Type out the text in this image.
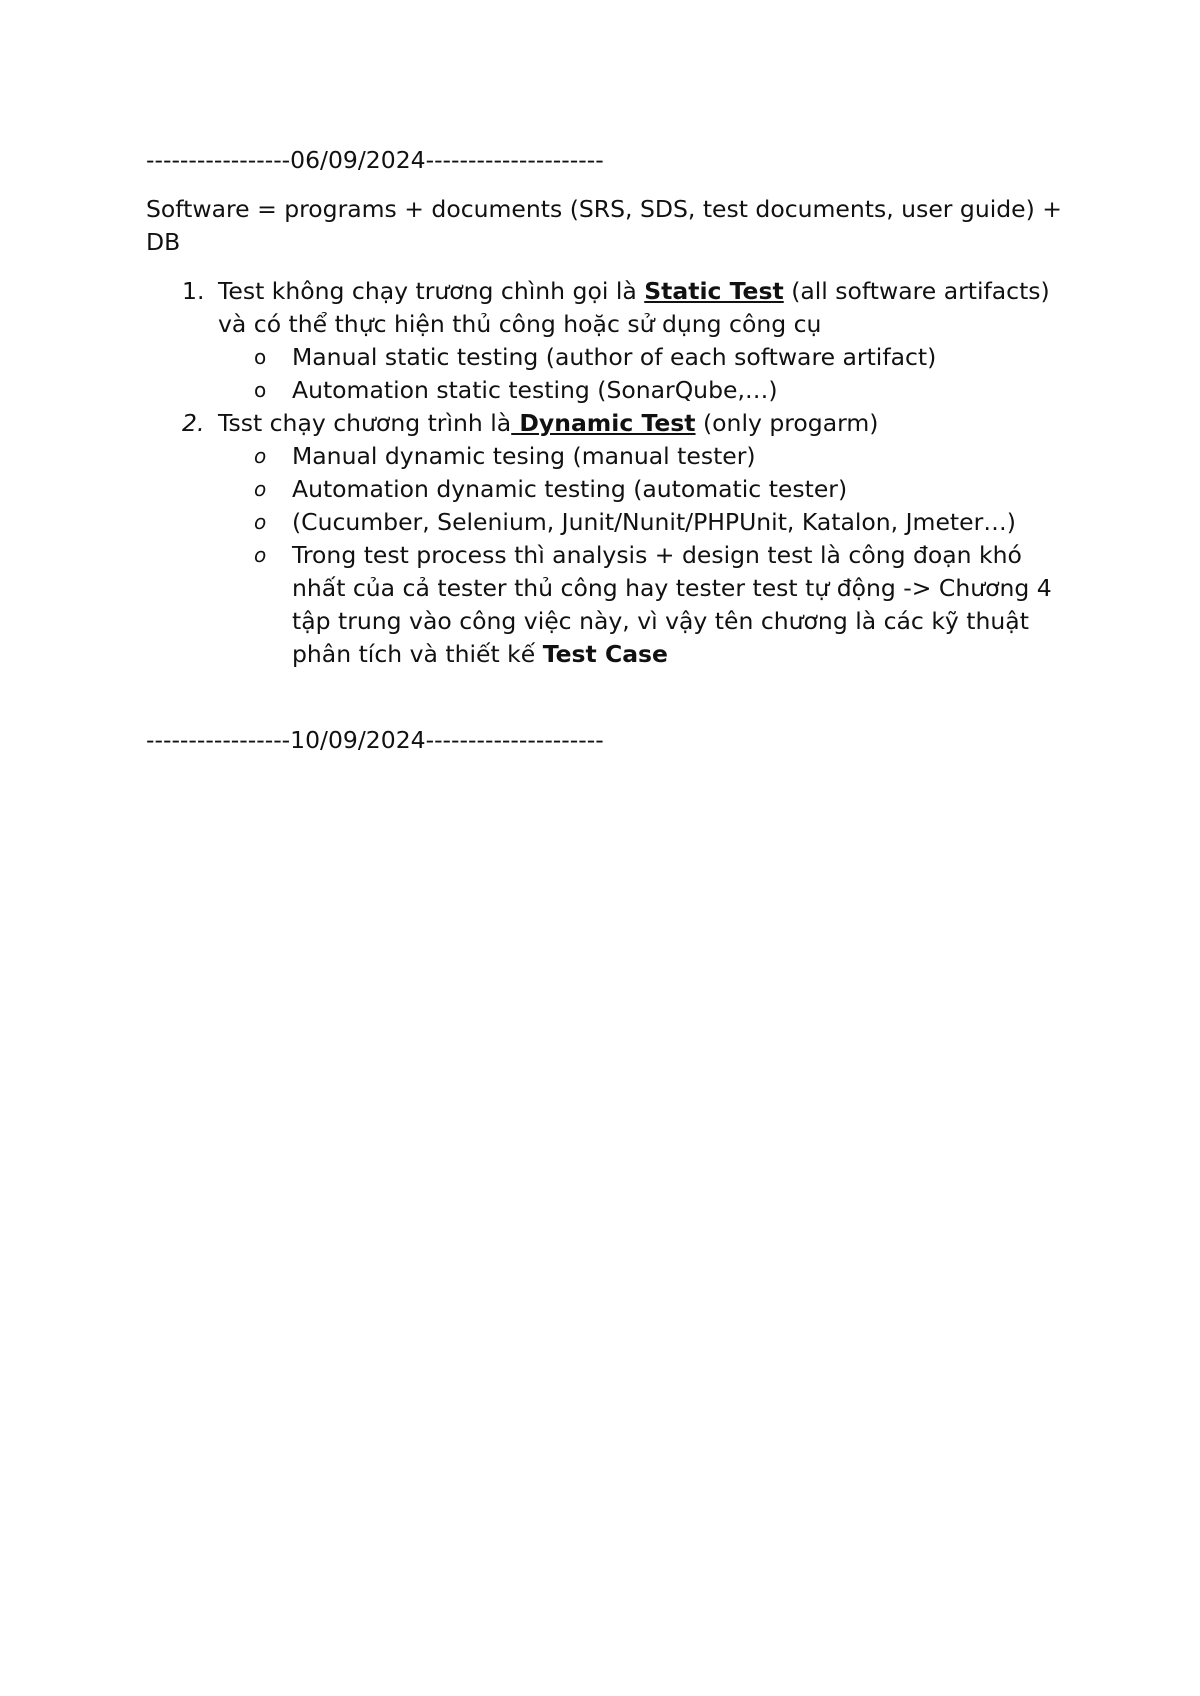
-----------------06/09/2024---------------------
Software = programs + documents (SRS, SDS, test documents, user guide) + DB
1. Test không chạy trương chình gọi là Static Test (all software artifacts) và có thể thực hiện thủ công hoặc sử dụng công cụ
o Manual static testing (author of each software artifact)
o Automation static testing (SonarQube,…)
2. Tsst chạy chương trình là Dynamic Test (only progarm)
o Manual dynamic tesing (manual tester)
o Automation dynamic testing (automatic tester)
o (Cucumber, Selenium, Junit/Nunit/PHPUnit, Katalon, Jmeter…)
o Trong test process thì analysis + design test là công đoạn khó nhất của cả tester thủ công hay tester test tự động -> Chương 4 tập trung vào công việc này, vì vậy tên chương là các kỹ thuật phân tích và thiết kế Test Case
-----------------10/09/2024---------------------
